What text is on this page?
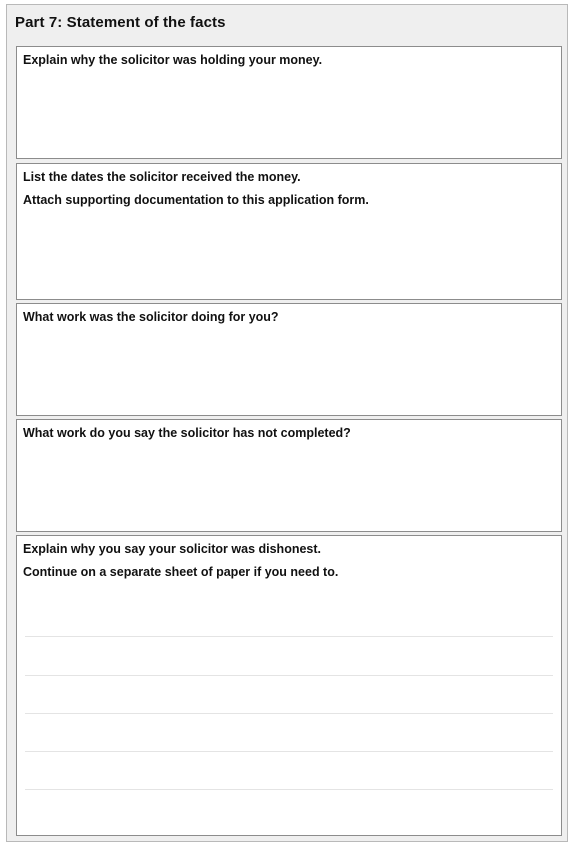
Part 7: Statement of the facts
Explain why the solicitor was holding your money.
List the dates the solicitor received the money.
Attach supporting documentation to this application form.
What work was the solicitor doing for you?
What work do you say the solicitor has not completed?
Explain why you say your solicitor was dishonest.
Continue on a separate sheet of paper if you need to.
